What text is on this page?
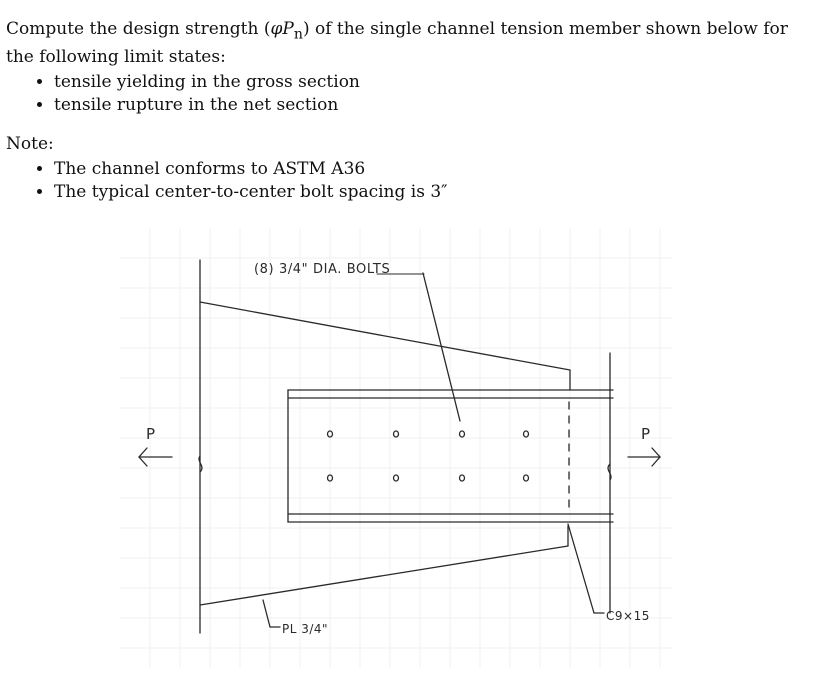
Compute the design strength $(\varphi P_n)$ of the single channel tension member shown below for the following limit states:

• tensile yielding in the gross section
• tensile rupture in the net section

Note:

• The channel conforms to ASTM A36
• The typical center-to-center bolt spacing is 3″
(8) 3/4" DIA. BOLTS
P	P
PL 3/4"
C9×15
